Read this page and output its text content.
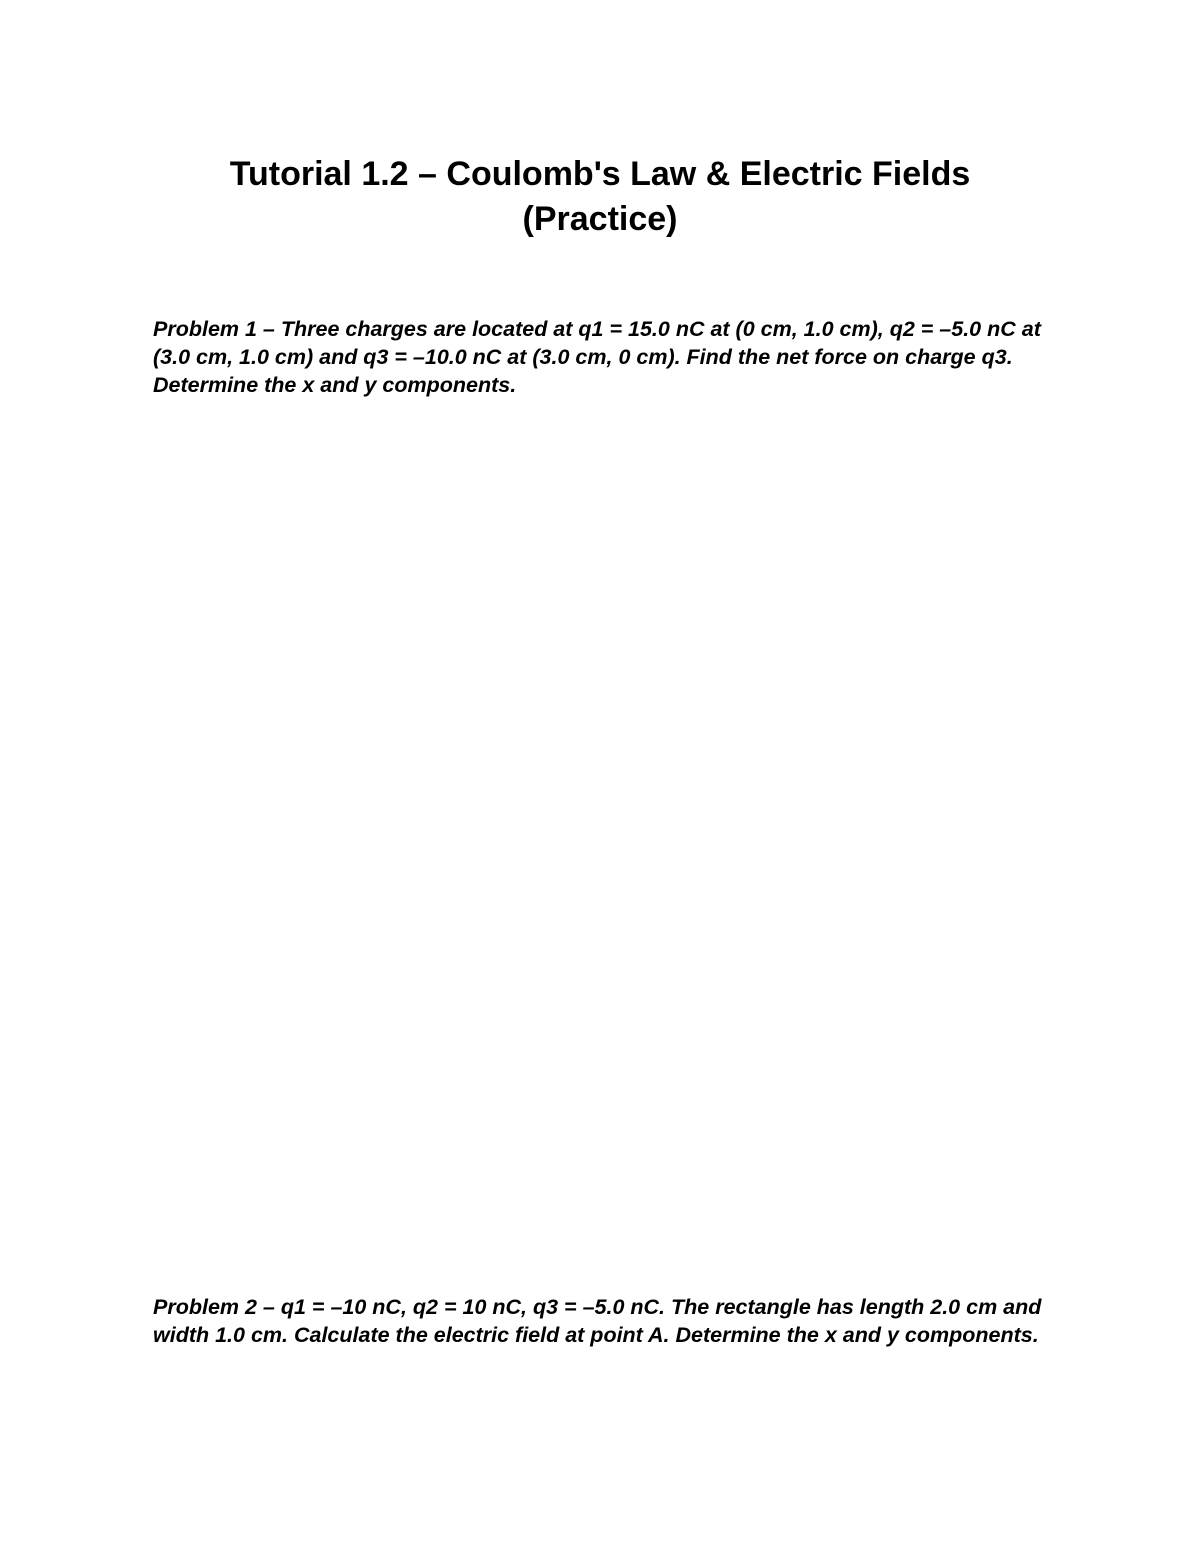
Tutorial 1.2 – Coulomb's Law & Electric Fields
(Practice)

Problem 1 – Three charges are located at q1 = 15.0 nC at (0 cm, 1.0 cm), q2 = –5.0 nC at (3.0 cm, 1.0 cm) and q3 = –10.0 nC at (3.0 cm, 0 cm). Find the net force on charge q3. Determine the x and y components.

Problem 2 – q1 = –10 nC, q2 = 10 nC, q3 = –5.0 nC. The rectangle has length 2.0 cm and width 1.0 cm. Calculate the electric field at point A. Determine the x and y components.
